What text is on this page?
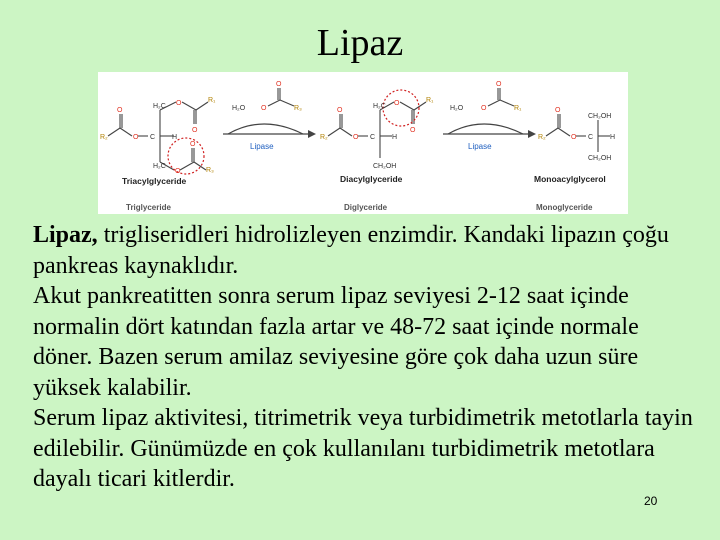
Lipaz
O
O
O
O
O
O
H₂C
C H
H₂C
R₁
R₂
R₃
H₂O
Lipase
O
O	R₃
O
O
O
O
H₂C
C H
CH₂OH
R₁
R₂
H₂O
Lipase
O
O	R₁
O
O
CH₂OH
C H
CH₂OH
R₂
Triacylglyceride	Diacylglyceride	Monoacylglycerol
Triglyceride	Diglyceride	Monoglyceride

Lipaz, trigliseridleri hidrolizleyen enzimdir. Kandaki lipazın çoğu pankreas kaynaklıdır.

Akut pankreatitten sonra serum lipaz seviyesi 2-12 saat içinde normalin dört katından fazla artar ve 48-72 saat içinde normale döner. Bazen serum amilaz seviyesine göre çok daha uzun süre yüksek kalabilir.

Serum lipaz aktivitesi, titrimetrik veya turbidimetrik metotlarla tayin edilebilir. Günümüzde en çok kullanılanı turbidimetrik metotlara dayalı ticari kitlerdir.

20
